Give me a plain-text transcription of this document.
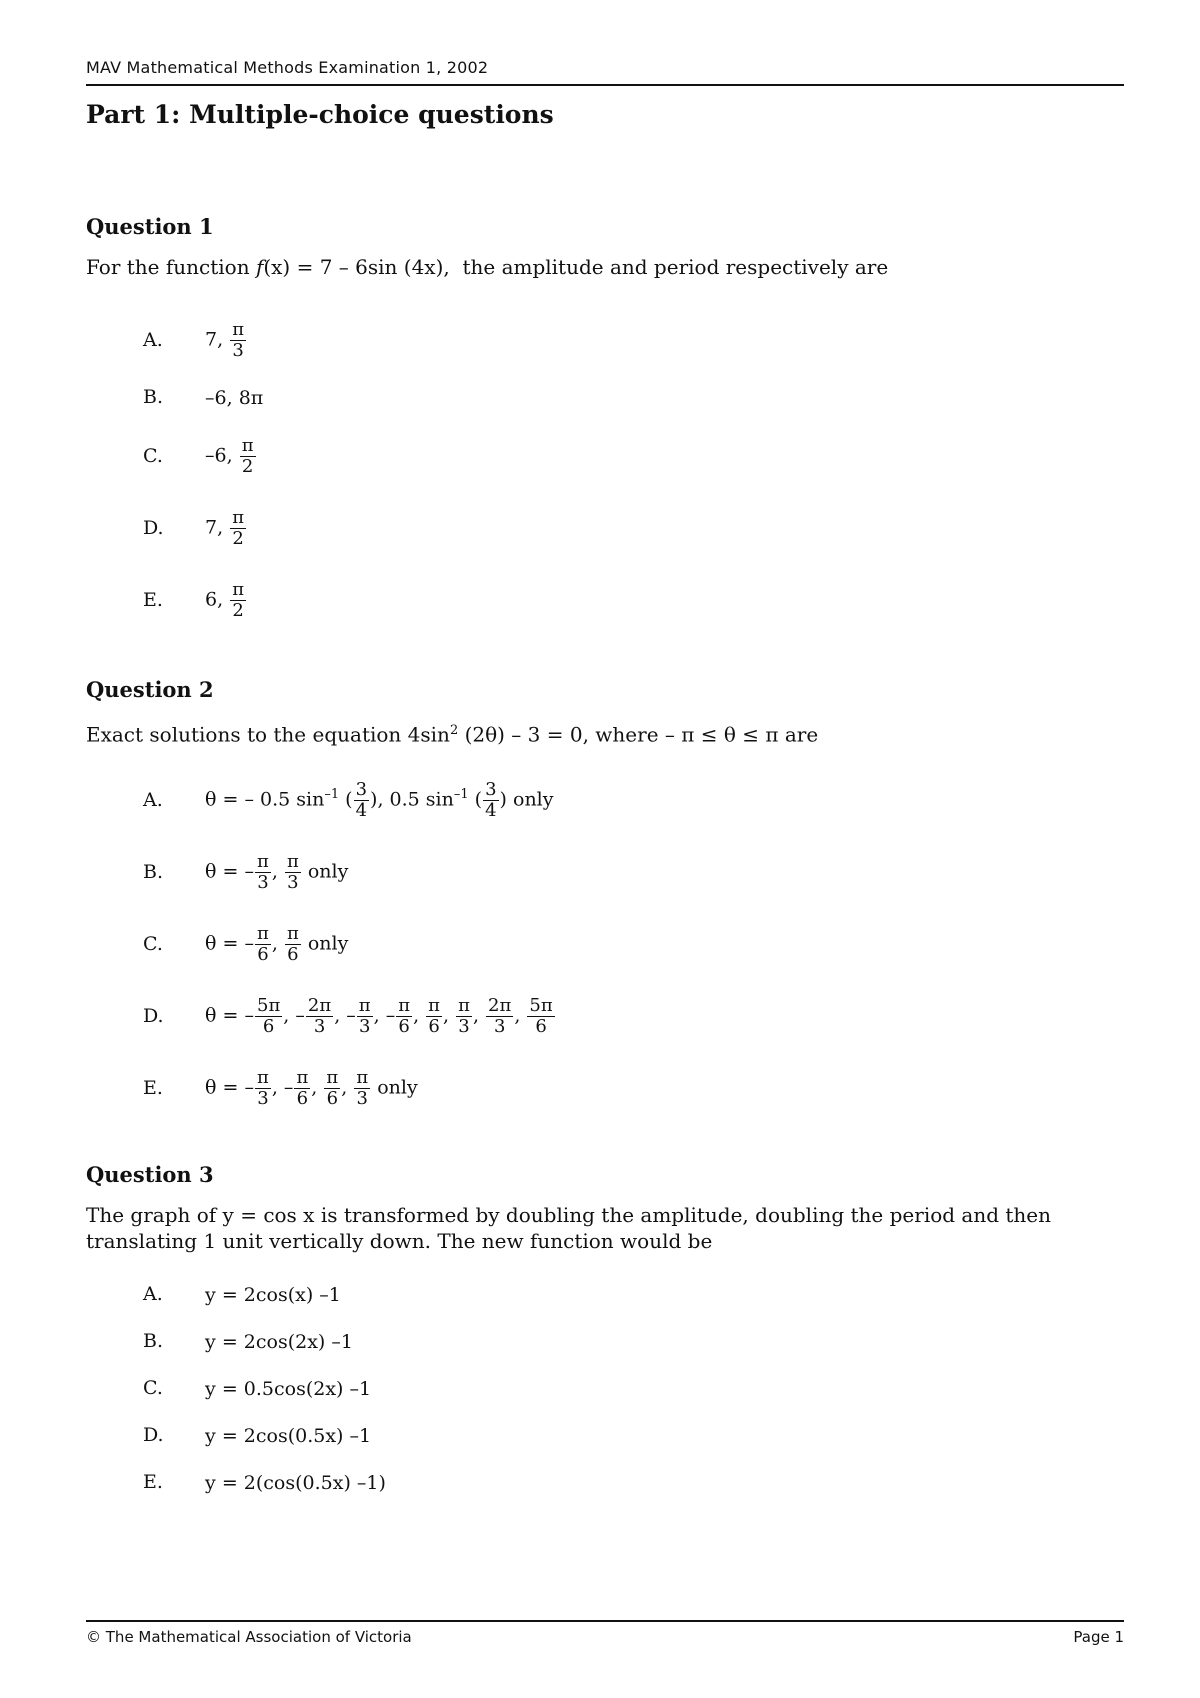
MAV Mathematical Methods Examination 1, 2002
Part 1: Multiple-choice questions
Question 1
For the function f(x) = 7 – 6sin (4x), the amplitude and period respectively are
A. 7, $\frac{\pi}{3}$
B. –6, 8π
C. –6, $\frac{\pi}{2}$
D. 7, $\frac{\pi}{2}$
E. 6, $\frac{\pi}{2}$
Question 2
Exact solutions to the equation $4\sin^2$ (2θ) – 3 = 0, where – π ≤ θ ≤ π are
A. θ = – 0.5 $\sin^{-1}$ ( $\frac{3}{4}$ ), 0.5 $\sin^{-1}$ ( $\frac{3}{4}$ ) only
B. θ = – $\frac{\pi}{3}$ , $\frac{\pi}{3}$ only
C. θ = – $\frac{\pi}{6}$ , $\frac{\pi}{6}$ only
D. θ = – $\frac{5\pi}{6}$ , – $\frac{2\pi}{3}$ , – $\frac{\pi}{3}$ , – $\frac{\pi}{6}$ , $\frac{\pi}{6}$ , $\frac{\pi}{3}$ , $\frac{2\pi}{3}$ , $\frac{5\pi}{6}$
E. θ = – $\frac{\pi}{3}$ , – $\frac{\pi}{6}$ , $\frac{\pi}{6}$ , $\frac{\pi}{3}$ only
Question 3
The graph of y = cos x is transformed by doubling the amplitude, doubling the period and then translating 1 unit vertically down. The new function would be
A. y = 2cos(x) –1
B. y = 2cos(2x) –1
C. y = 0.5cos(2x) –1
D. y = 2cos(0.5x) –1
E. y = 2(cos(0.5x) –1)
© The Mathematical Association of Victoria	Page 1
